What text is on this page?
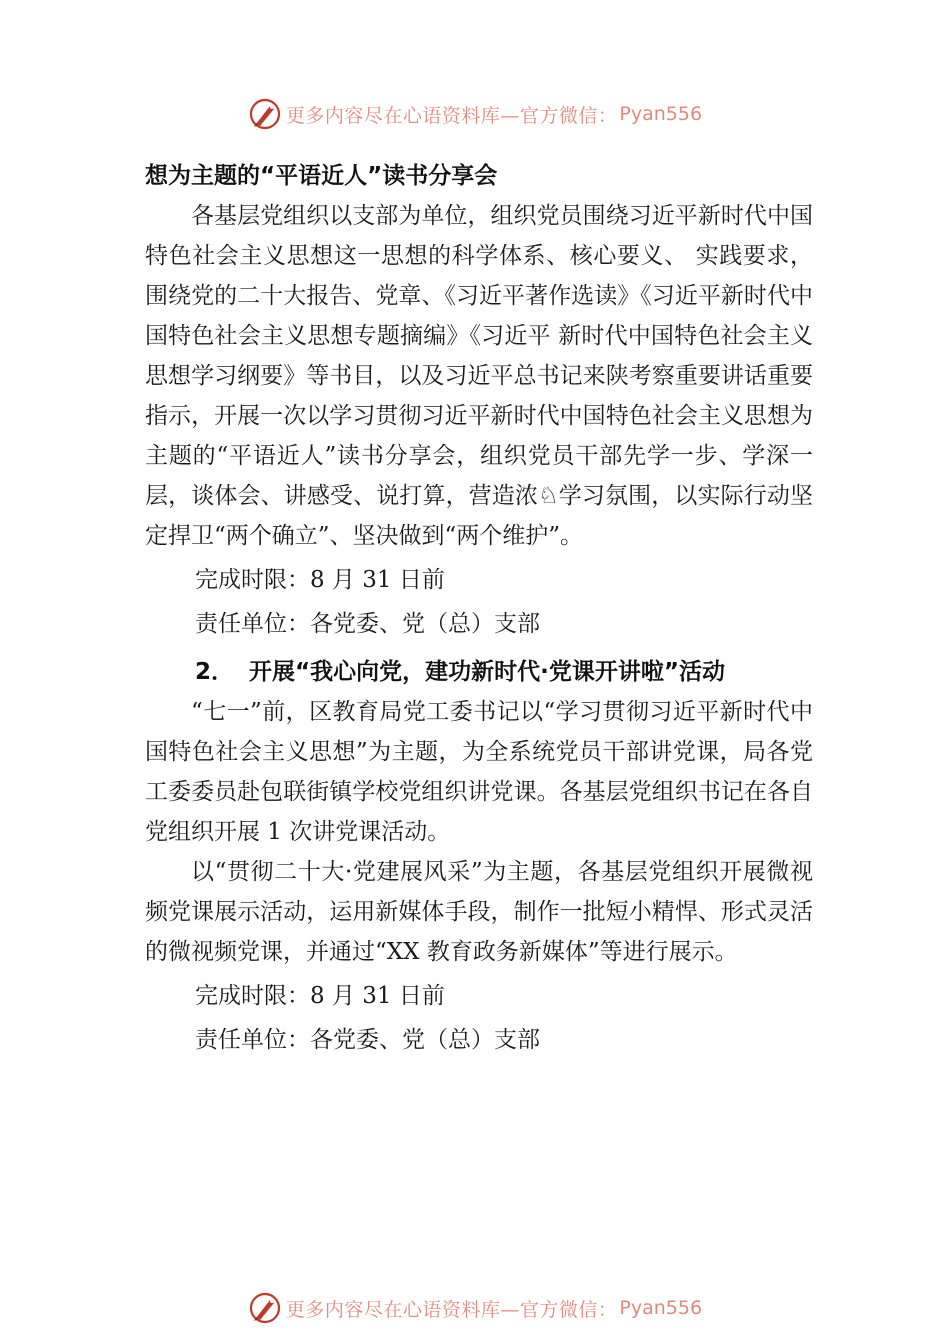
更多内容尽在心语资料库—官方微信： Pyan556
想为主题的“平语近人”读书分享会

各基层党组织以支部为单位，组织党员围绕习近平新时代中国特色社会主义思想这一思想的科学体系、核心要义、 实践要求，围绕党的二十大报告、党章、《习近平著作选读》《习近平新时代中国特色社会主义思想专题摘编》《习近平 新时代中国特色社会主义思想学习纲要》等书目，以及习近平总书记来陕考察重要讲话重要指示，开展一次以学习贯彻习近平新时代中国特色社会主义思想为主题的“平语近人”读书分享会，组织党员干部先学一步、学深一层，谈体会、讲感受、说打算，营造浓♘学习氛围，以实际行动坚定捍卫“两个确立”、坚决做到“两个维护”。

完成时限：8 月 31 日前
责任单位：各党委、党（总）支部
2． 开展“我心向党，建功新时代·党课开讲啦”活动

“七一”前，区教育局党工委书记以“学习贯彻习近平新时代中国特色社会主义思想”为主题，为全系统党员干部讲党课，局各党工委委员赴包联街镇学校党组织讲党课。各基层党组织书记在各自党组织开展 1 次讲党课活动。

以“贯彻二十大·党建展风采”为主题，各基层党组织开展微视频党课展示活动，运用新媒体手段，制作一批短小精悍、形式灵活的微视频党课，并通过“XX 教育政务新媒体”等进行展示。

完成时限：8 月 31 日前
责任单位：各党委、党（总）支部
更多内容尽在心语资料库—官方微信： Pyan556
